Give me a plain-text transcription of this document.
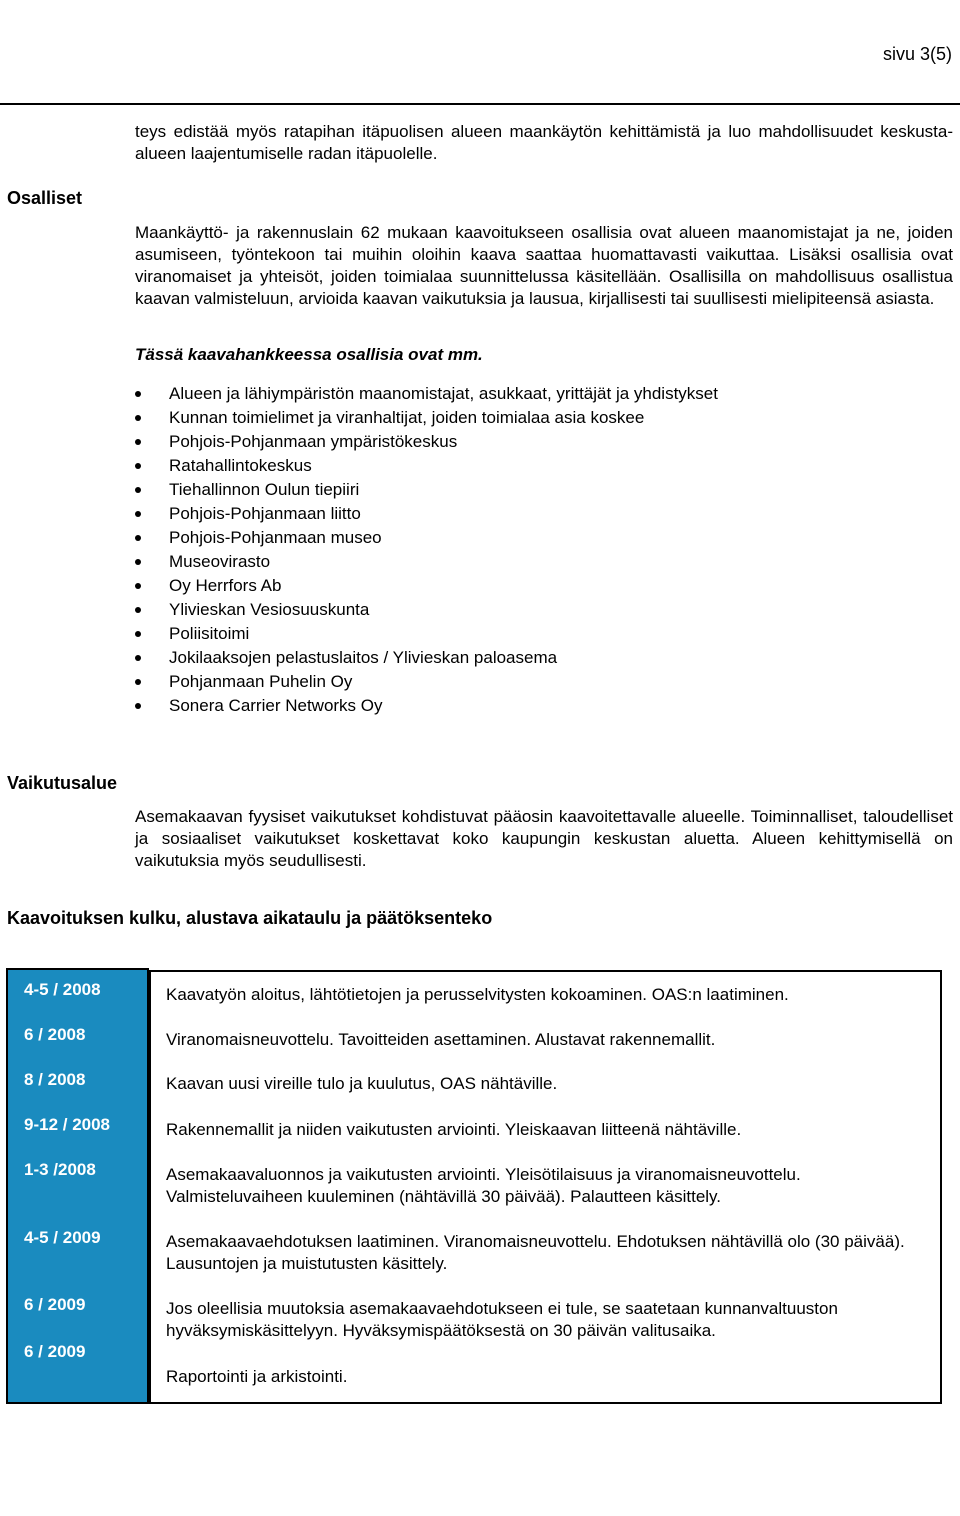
OSALLISTUMIS- JA ARVIOINTISUUNNITELMA	Ylivieskan Asemanseudun asemakaavan muutos ja laajennus.
sivu 3(5)
teys edistää myös ratapihan itäpuolisen alueen maankäytön kehittämistä ja luo mahdollisuudet keskusta-alueen laajentumiselle radan itäpuolelle.
Osalliset
Maankäyttö- ja rakennuslain 62 mukaan kaavoitukseen osallisia ovat alueen maanomistajat ja ne, joiden asumiseen, työntekoon tai muihin oloihin kaava saattaa huomattavasti vaikuttaa. Lisäksi osallisia ovat viranomaiset ja yhteisöt, joiden toimialaa suunnittelussa käsitellään. Osallisilla on mahdollisuus osallistua kaavan valmisteluun, arvioida kaavan vaikutuksia ja lausua, kirjallisesti tai suullisesti mielipiteensä asiasta.
Tässä kaavahankkeessa osallisia ovat mm.
Alueen ja lähiympäristön maanomistajat, asukkaat, yrittäjät ja yhdistykset
Kunnan toimielimet ja viranhaltijat, joiden toimialaa asia koskee
Pohjois-Pohjanmaan ympäristökeskus
Ratahallintokeskus
Tiehallinnon Oulun tiepiiri
Pohjois-Pohjanmaan liitto
Pohjois-Pohjanmaan museo
Museovirasto
Oy Herrfors Ab
Ylivieskan Vesiosuuskunta
Poliisitoimi
Jokilaaksojen pelastuslaitos / Ylivieskan paloasema
Pohjanmaan Puhelin Oy
Sonera Carrier Networks Oy
Vaikutusalue
Asemakaavan fyysiset vaikutukset kohdistuvat pääosin kaavoitettavalle alueelle. Toiminnalliset, taloudelliset ja sosiaaliset vaikutukset koskettavat koko kaupungin keskustan aluetta. Alueen kehittymisellä on vaikutuksia myös seudullisesti.
Kaavoituksen kulku, alustava aikataulu ja päätöksenteko
4-5 / 2008
6 / 2008
8 / 2008
9-12 / 2008
1-3 /2008
4-5 / 2009
6 / 2009
6 / 2009
Kaavatyön aloitus, lähtötietojen ja perusselvitysten kokoaminen. OAS:n laatiminen.
Viranomaisneuvottelu. Tavoitteiden asettaminen. Alustavat rakennemallit.
Kaavan uusi vireille tulo ja kuulutus, OAS nähtäville.
Rakennemallit ja niiden vaikutusten arviointi. Yleiskaavan liitteenä nähtäville.
Asemakaavaluonnos ja vaikutusten arviointi. Yleisötilaisuus ja viranomaisneuvottelu. Valmisteluvaiheen kuuleminen (nähtävillä 30 päivää). Palautteen käsittely.
Asemakaavaehdotuksen laatiminen. Viranomaisneuvottelu. Ehdotuksen nähtävillä olo (30 päivää). Lausuntojen ja muistutusten käsittely.
Jos oleellisia muutoksia asemakaavaehdotukseen ei tule, se saatetaan kunnanvaltuuston hyväksymiskäsittelyyn. Hyväksymispäätöksestä on 30 päivän valitusaika.
Raportointi ja arkistointi.
